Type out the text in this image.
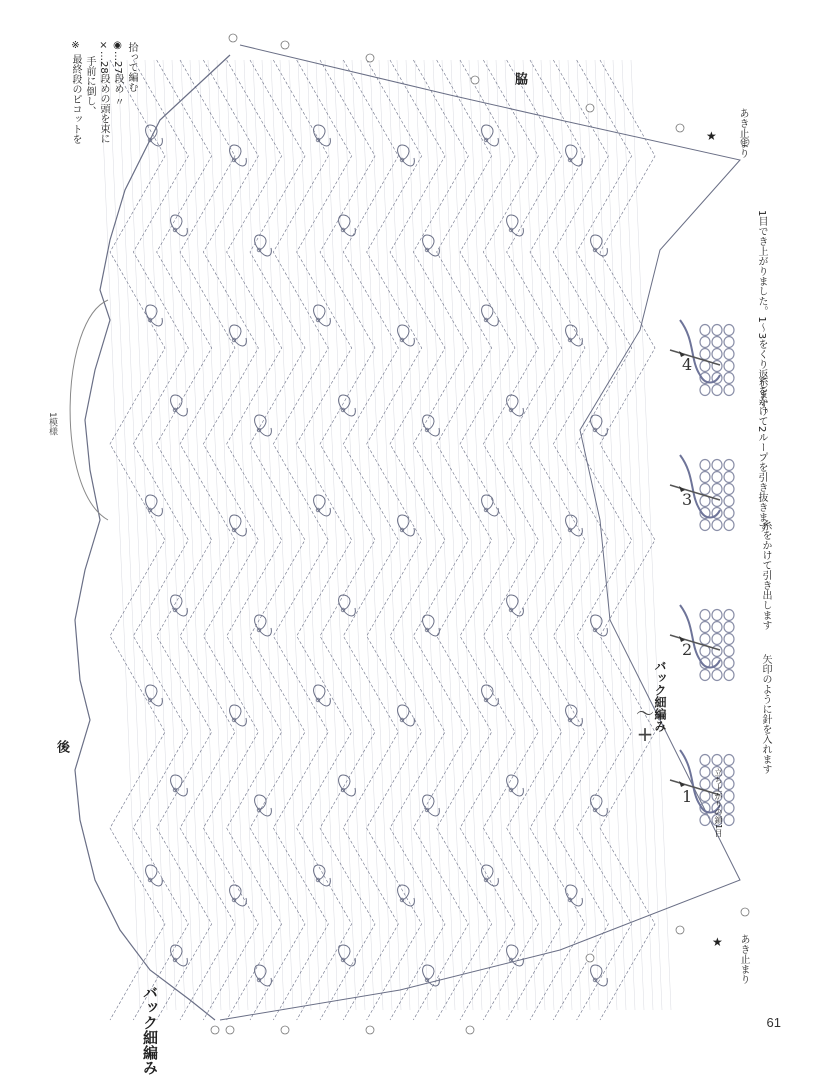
★
★
後
脇
1模様
拾って編む
◉…27段め 〃
×…28段めの頭を束に
手前に倒し、
※ 最終段のピコットを	あき止まり
あき止まり
バック細編み
〜
+
バック細編み
1
2
3
4
立ち上がりの鎖1目
矢印のように針を入れます
糸をかけて引き出します
糸をかけて2ループを引き抜きます
1目でき上がりました。1〜3をくり返します。
61
